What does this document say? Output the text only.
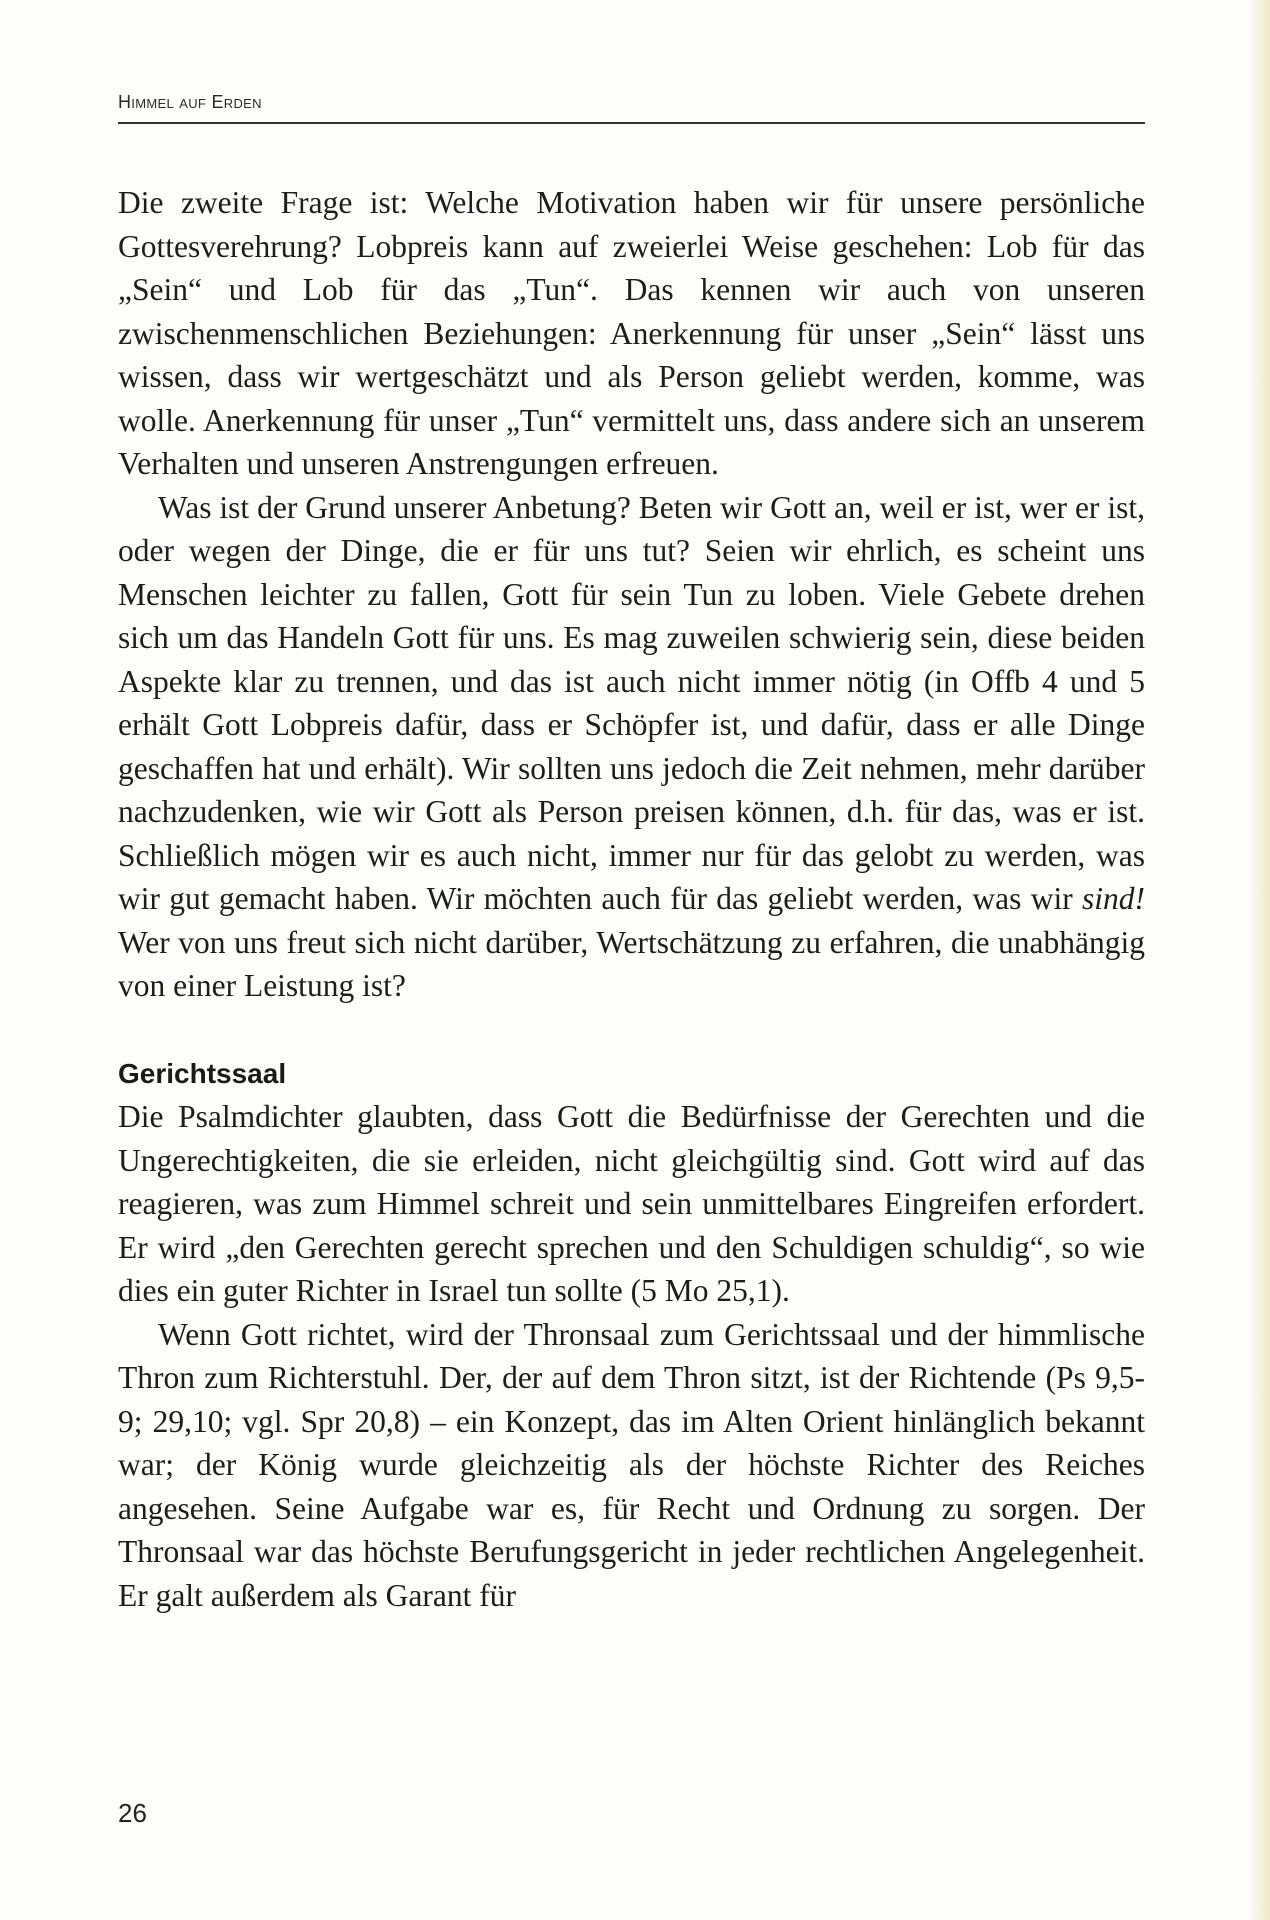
Himmel auf Erden

Die zweite Frage ist: Welche Motivation haben wir für unsere persönliche Gottesverehrung? Lobpreis kann auf zweierlei Weise geschehen: Lob für das „Sein“ und Lob für das „Tun“. Das kennen wir auch von unseren zwischenmenschlichen Beziehungen: Anerkennung für unser „Sein“ lässt uns wissen, dass wir wertgeschätzt und als Person geliebt werden, komme, was wolle. Anerkennung für unser „Tun“ vermittelt uns, dass andere sich an unserem Verhalten und unseren Anstrengungen erfreuen.

Was ist der Grund unserer Anbetung? Beten wir Gott an, weil er ist, wer er ist, oder wegen der Dinge, die er für uns tut? Seien wir ehrlich, es scheint uns Menschen leichter zu fallen, Gott für sein Tun zu loben. Viele Gebete drehen sich um das Handeln Gott für uns. Es mag zuweilen schwierig sein, diese beiden Aspekte klar zu trennen, und das ist auch nicht immer nötig (in Offb 4 und 5 erhält Gott Lobpreis dafür, dass er Schöpfer ist, und dafür, dass er alle Dinge geschaffen hat und erhält). Wir sollten uns jedoch die Zeit nehmen, mehr darüber nachzudenken, wie wir Gott als Person preisen können, d.h. für das, was er ist. Schließlich mögen wir es auch nicht, immer nur für das gelobt zu werden, was wir gut gemacht haben. Wir möchten auch für das geliebt werden, was wir sind! Wer von uns freut sich nicht darüber, Wertschätzung zu erfahren, die unabhängig von einer Leistung ist?

Gerichtssaal

Die Psalmdichter glaubten, dass Gott die Bedürfnisse der Gerechten und die Ungerechtigkeiten, die sie erleiden, nicht gleichgültig sind. Gott wird auf das reagieren, was zum Himmel schreit und sein unmittelbares Eingreifen erfordert. Er wird „den Gerechten gerecht sprechen und den Schuldigen schuldig“, so wie dies ein guter Richter in Israel tun sollte (5 Mo 25,1).

Wenn Gott richtet, wird der Thronsaal zum Gerichtssaal und der himmlische Thron zum Richterstuhl. Der, der auf dem Thron sitzt, ist der Richtende (Ps 9,5-9; 29,10; vgl. Spr 20,8) – ein Konzept, das im Alten Orient hinlänglich bekannt war; der König wurde gleichzeitig als der höchste Richter des Reiches angesehen. Seine Aufgabe war es, für Recht und Ordnung zu sorgen. Der Thronsaal war das höchste Berufungsgericht in jeder rechtlichen Angelegenheit. Er galt außerdem als Garant für

26
